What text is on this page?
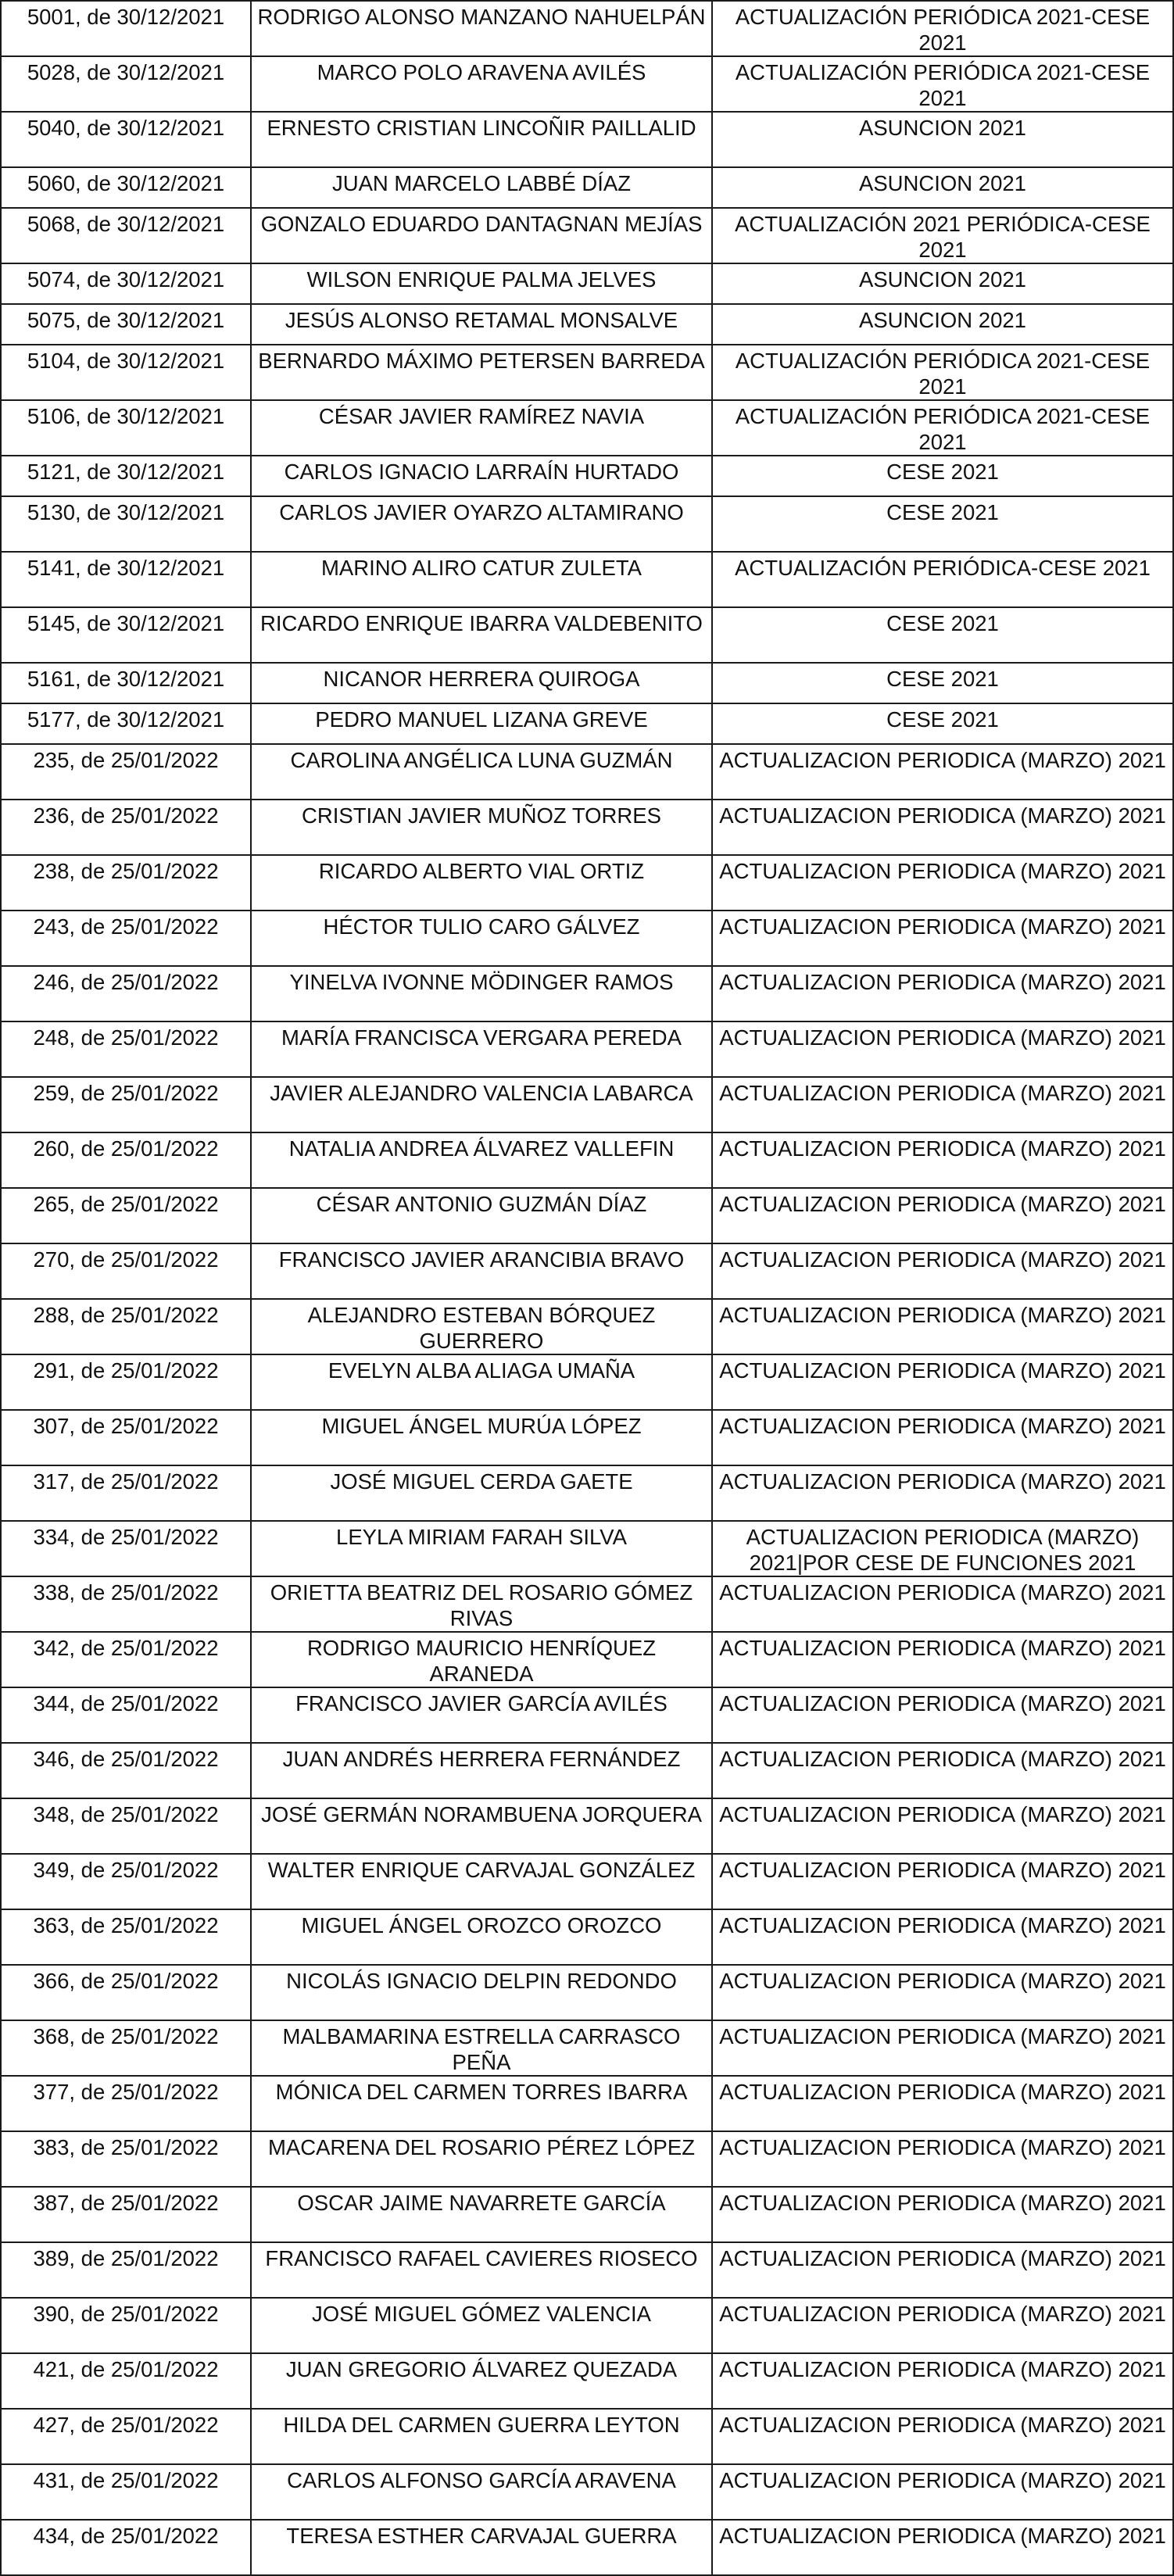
5001, de 30/12/2021	RODRIGO ALONSO MANZANO NAHUELPÁN	ACTUALIZACIÓN PERIÓDICA 2021-CESE 2021
5028, de 30/12/2021	MARCO POLO ARAVENA AVILÉS	ACTUALIZACIÓN PERIÓDICA 2021-CESE 2021
5040, de 30/12/2021	ERNESTO CRISTIAN LINCOÑIR PAILLALID	ASUNCION 2021
5060, de 30/12/2021	JUAN MARCELO LABBÉ DÍAZ	ASUNCION 2021
5068, de 30/12/2021	GONZALO EDUARDO DANTAGNAN MEJÍAS	ACTUALIZACIÓN 2021 PERIÓDICA-CESE 2021
5074, de 30/12/2021	WILSON ENRIQUE PALMA JELVES	ASUNCION 2021
5075, de 30/12/2021	JESÚS ALONSO RETAMAL MONSALVE	ASUNCION 2021
5104, de 30/12/2021	BERNARDO MÁXIMO PETERSEN BARREDA	ACTUALIZACIÓN PERIÓDICA 2021-CESE 2021
5106, de 30/12/2021	CÉSAR JAVIER RAMÍREZ NAVIA	ACTUALIZACIÓN PERIÓDICA 2021-CESE 2021
5121, de 30/12/2021	CARLOS IGNACIO LARRAÍN HURTADO	CESE 2021
5130, de 30/12/2021	CARLOS JAVIER OYARZO ALTAMIRANO	CESE 2021
5141, de 30/12/2021	MARINO ALIRO CATUR ZULETA	ACTUALIZACIÓN PERIÓDICA-CESE 2021
5145, de 30/12/2021	RICARDO ENRIQUE IBARRA VALDEBENITO	CESE 2021
5161, de 30/12/2021	NICANOR HERRERA QUIROGA	CESE 2021
5177, de 30/12/2021	PEDRO MANUEL LIZANA GREVE	CESE 2021
235, de 25/01/2022	CAROLINA ANGÉLICA LUNA GUZMÁN	ACTUALIZACION PERIODICA (MARZO) 2021
236, de 25/01/2022	CRISTIAN JAVIER MUÑOZ TORRES	ACTUALIZACION PERIODICA (MARZO) 2021
238, de 25/01/2022	RICARDO ALBERTO VIAL ORTIZ	ACTUALIZACION PERIODICA (MARZO) 2021
243, de 25/01/2022	HÉCTOR TULIO CARO GÁLVEZ	ACTUALIZACION PERIODICA (MARZO) 2021
246, de 25/01/2022	YINELVA IVONNE MÖDINGER RAMOS	ACTUALIZACION PERIODICA (MARZO) 2021
248, de 25/01/2022	MARÍA FRANCISCA VERGARA PEREDA	ACTUALIZACION PERIODICA (MARZO) 2021
259, de 25/01/2022	JAVIER ALEJANDRO VALENCIA LABARCA	ACTUALIZACION PERIODICA (MARZO) 2021
260, de 25/01/2022	NATALIA ANDREA ÁLVAREZ VALLEFIN	ACTUALIZACION PERIODICA (MARZO) 2021
265, de 25/01/2022	CÉSAR ANTONIO GUZMÁN DÍAZ	ACTUALIZACION PERIODICA (MARZO) 2021
270, de 25/01/2022	FRANCISCO JAVIER ARANCIBIA BRAVO	ACTUALIZACION PERIODICA (MARZO) 2021
288, de 25/01/2022	ALEJANDRO ESTEBAN BÓRQUEZ GUERRERO	ACTUALIZACION PERIODICA (MARZO) 2021
291, de 25/01/2022	EVELYN ALBA ALIAGA UMAÑA	ACTUALIZACION PERIODICA (MARZO) 2021
307, de 25/01/2022	MIGUEL ÁNGEL MURÚA LÓPEZ	ACTUALIZACION PERIODICA (MARZO) 2021
317, de 25/01/2022	JOSÉ MIGUEL CERDA GAETE	ACTUALIZACION PERIODICA (MARZO) 2021
334, de 25/01/2022	LEYLA MIRIAM FARAH SILVA	ACTUALIZACION PERIODICA (MARZO) 2021|POR CESE DE FUNCIONES 2021
338, de 25/01/2022	ORIETTA BEATRIZ DEL ROSARIO GÓMEZ RIVAS	ACTUALIZACION PERIODICA (MARZO) 2021
342, de 25/01/2022	RODRIGO MAURICIO HENRÍQUEZ ARANEDA	ACTUALIZACION PERIODICA (MARZO) 2021
344, de 25/01/2022	FRANCISCO JAVIER GARCÍA AVILÉS	ACTUALIZACION PERIODICA (MARZO) 2021
346, de 25/01/2022	JUAN ANDRÉS HERRERA FERNÁNDEZ	ACTUALIZACION PERIODICA (MARZO) 2021
348, de 25/01/2022	JOSÉ GERMÁN NORAMBUENA JORQUERA	ACTUALIZACION PERIODICA (MARZO) 2021
349, de 25/01/2022	WALTER ENRIQUE CARVAJAL GONZÁLEZ	ACTUALIZACION PERIODICA (MARZO) 2021
363, de 25/01/2022	MIGUEL ÁNGEL OROZCO OROZCO	ACTUALIZACION PERIODICA (MARZO) 2021
366, de 25/01/2022	NICOLÁS IGNACIO DELPIN REDONDO	ACTUALIZACION PERIODICA (MARZO) 2021
368, de 25/01/2022	MALBAMARINA ESTRELLA CARRASCO PEÑA	ACTUALIZACION PERIODICA (MARZO) 2021
377, de 25/01/2022	MÓNICA DEL CARMEN TORRES IBARRA	ACTUALIZACION PERIODICA (MARZO) 2021
383, de 25/01/2022	MACARENA DEL ROSARIO PÉREZ LÓPEZ	ACTUALIZACION PERIODICA (MARZO) 2021
387, de 25/01/2022	OSCAR JAIME NAVARRETE GARCÍA	ACTUALIZACION PERIODICA (MARZO) 2021
389, de 25/01/2022	FRANCISCO RAFAEL CAVIERES RIOSECO	ACTUALIZACION PERIODICA (MARZO) 2021
390, de 25/01/2022	JOSÉ MIGUEL GÓMEZ VALENCIA	ACTUALIZACION PERIODICA (MARZO) 2021
421, de 25/01/2022	JUAN GREGORIO ÁLVAREZ QUEZADA	ACTUALIZACION PERIODICA (MARZO) 2021
427, de 25/01/2022	HILDA DEL CARMEN GUERRA LEYTON	ACTUALIZACION PERIODICA (MARZO) 2021
431, de 25/01/2022	CARLOS ALFONSO GARCÍA ARAVENA	ACTUALIZACION PERIODICA (MARZO) 2021
434, de 25/01/2022	TERESA ESTHER CARVAJAL GUERRA	ACTUALIZACION PERIODICA (MARZO) 2021
